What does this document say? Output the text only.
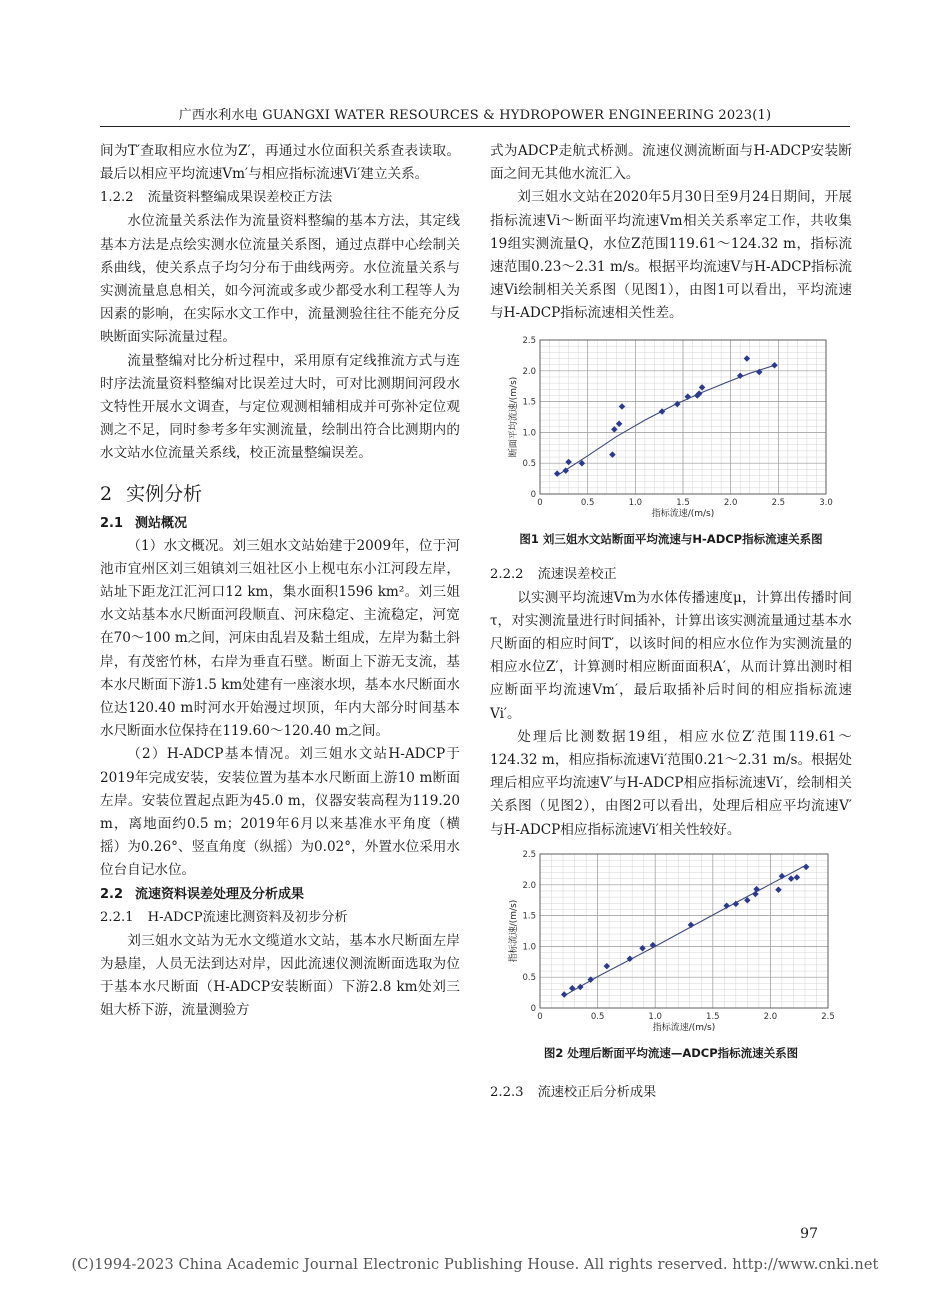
广西水利水电 GUANGXI WATER RESOURCES & HYDROPOWER ENGINEERING 2023(1)

间为T′查取相应水位为Z′，再通过水位面积关系查表读取。最后以相应平均流速Vm′与相应指标流速Vi′建立关系。

1.2.2 流量资料整编成果误差校正方法

水位流量关系法作为流量资料整编的基本方法，其定线基本方法是点绘实测水位流量关系图，通过点群中心绘制关系曲线，使关系点子均匀分布于曲线两旁。水位流量关系与实测流量息息相关，如今河流或多或少都受水利工程等人为因素的影响，在实际水文工作中，流量测验往往不能充分反映断面实际流量过程。

流量整编对比分析过程中，采用原有定线推流方式与连时序法流量资料整编对比误差过大时，可对比测期间河段水文特性开展水文调查，与定位观测相辅相成并可弥补定位观测之不足，同时参考多年实测流量，绘制出符合比测期内的水文站水位流量关系线，校正流量整编误差。

2 实例分析

2.1 测站概况

（1）水文概况。刘三姐水文站始建于2009年，位于河池市宜州区刘三姐镇刘三姐社区小上枧屯东小江河段左岸，站址下距龙江汇河口12 km，集水面积1596 km²。刘三姐水文站基本水尺断面河段顺直、河床稳定、主流稳定，河宽在70～100 m之间，河床由乱岩及黏土组成，左岸为黏土斜岸，有茂密竹林，右岸为垂直石壁。断面上下游无支流，基本水尺断面下游1.5 km处建有一座滚水坝，基本水尺断面水位达120.40 m时河水开始漫过坝顶，年内大部分时间基本水尺断面水位保持在119.60～120.40 m之间。

（2）H-ADCP基本情况。刘三姐水文站H-ADCP于2019年完成安装，安装位置为基本水尺断面上游10 m断面左岸。安装位置起点距为45.0 m，仪器安装高程为119.20 m，离地面约0.5 m；2019年6月以来基准水平角度（横摇）为0.26°、竖直角度（纵摇）为0.02°，外置水位采用水位台自记水位。

2.2 流速资料误差处理及分析成果

2.2.1 H-ADCP流速比测资料及初步分析

刘三姐水文站为无水文缆道水文站，基本水尺断面左岸为悬崖，人员无法到达对岸，因此流速仪测流断面选取为位于基本水尺断面（H-ADCP安装断面）下游2.8 km处刘三姐大桥下游，流量测验方

式为ADCP走航式桥测。流速仪测流断面与H-ADCP安装断面之间无其他水流汇入。

刘三姐水文站在2020年5月30日至9月24日期间，开展指标流速Vi～断面平均流速Vm相关关系率定工作，共收集19组实测流量Q，水位Z范围119.61～124.32 m，指标流速范围0.23～2.31 m/s。根据平均流速V与H-ADCP指标流速Vi绘制相关关系图（见图1），由图1可以看出，平均流速与H-ADCP指标流速相关性差。

0	0.5	1.0	1.5	2.0	2.5	3.0
0
0.5
1.0
1.5
2.0
2.5
指标流速/(m/s)
断面平均流速/(m/s)

图1 刘三姐水文站断面平均流速与H-ADCP指标流速关系图

2.2.2 流速误差校正

以实测平均流速Vm为水体传播速度μ，计算出传播时间τ，对实测流量进行时间插补，计算出该实测流量通过基本水尺断面的相应时间T′，以该时间的相应水位作为实测流量的相应水位Z′，计算测时相应断面面积A′，从而计算出测时相应断面平均流速Vm′，最后取插补后时间的相应指标流速Vi′。

处理后比测数据19组，相应水位Z′范围119.61～124.32 m，相应指标流速Vi′范围0.21～2.31 m/s。根据处理后相应平均流速V′与H-ADCP相应指标流速Vi′，绘制相关关系图（见图2），由图2可以看出，处理后相应平均流速V′与H-ADCP相应指标流速Vi′相关性较好。

0	0.5	1.0	1.5	2.0	2.5
0
0.5
1.0
1.5
2.0
2.5
指标流速/(m/s)
指标流速/(m/s)

图2 处理后断面平均流速—ADCP指标流速关系图

2.2.3 流速校正后分析成果

97
(C)1994-2023 China Academic Journal Electronic Publishing House. All rights reserved. http://www.cnki.net
